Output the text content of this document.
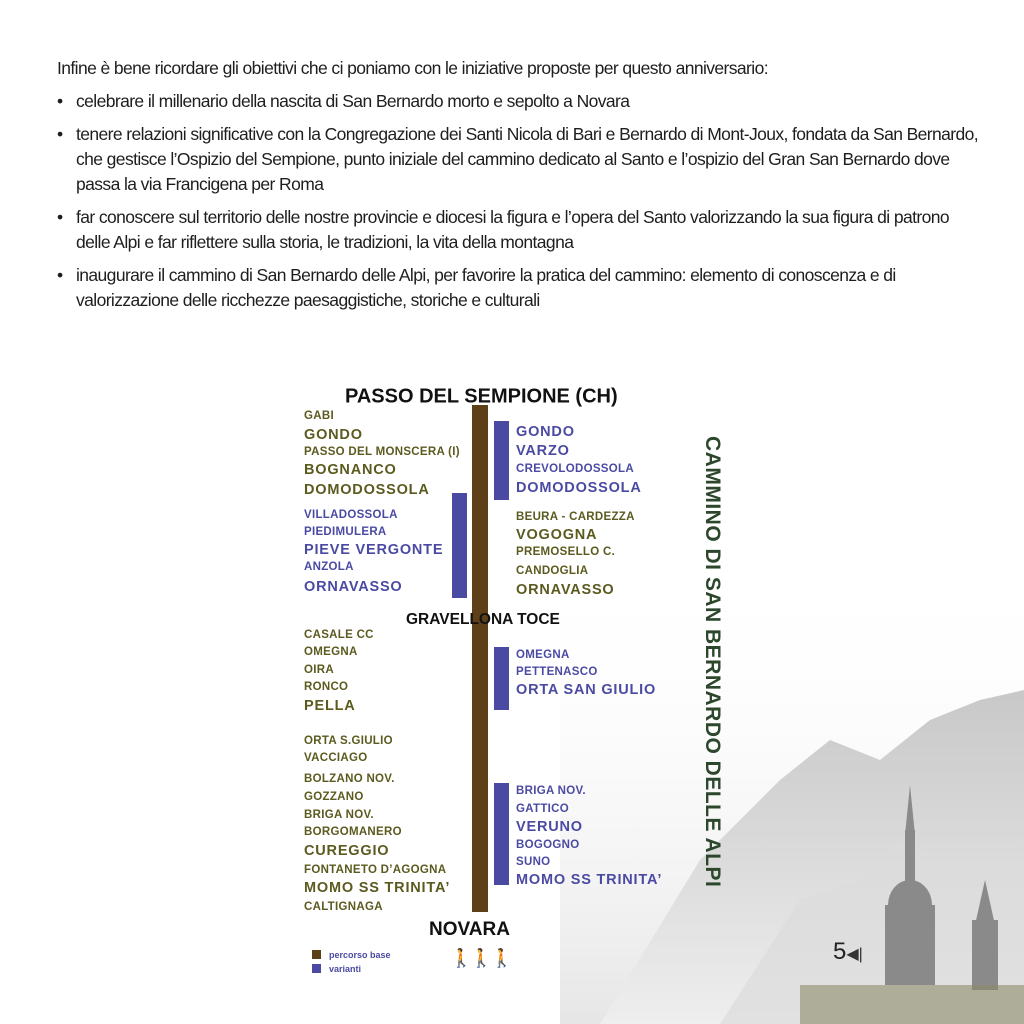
Infine è bene ricordare gli obiettivi che ci poniamo con le iniziative proposte per questo anniversario:

• celebrare il millenario della nascita di San Bernardo morto e sepolto a Novara
• tenere relazioni significative con la Congregazione dei Santi Nicola di Bari e Bernardo di Mont-Joux, fondata da San Bernardo, che gestisce l’Ospizio del Sempione, punto iniziale del cammino dedicato al Santo e l’ospizio del Gran San Bernardo dove passa la via Francigena per Roma
• far conoscere sul territorio delle nostre provincie e diocesi la figura e l’opera del Santo valorizzando la sua figura di patrono delle Alpi e far riflettere sulla storia, le tradizioni, la vita della montagna
• inaugurare il cammino di San Bernardo delle Alpi, per favorire la pratica del cammino: elemento di conoscenza e di valorizzazione delle ricchezze paesaggistiche, storiche e culturali
PASSO DEL SEMPIONE (CH)
GRAVELLONA TOCE
NOVARA
CAMMINO DI SAN BERNARDO DELLE ALPI
GABI
GONDO
PASSO DEL MONSCERA (I)
BOGNANCO
DOMODOSSOLA
VILLADOSSOLA
PIEDIMULERA
PIEVE VERGONTE
ANZOLA
ORNAVASSO
CASALE CC
OMEGNA
OIRA
RONCO
PELLA
ORTA S.GIULIO
VACCIAGO
BOLZANO NOV.
GOZZANO
BRIGA NOV.
BORGOMANERO
CUREGGIO
FONTANETO D’AGOGNA
MOMO SS TRINITA’
CALTIGNAGA
GONDO
VARZO
CREVOLODOSSOLA
DOMODOSSOLA
BEURA - CARDEZZA
VOGOGNA
PREMOSELLO C.
CANDOGLIA
ORNAVASSO
OMEGNA
PETTENASCO
ORTA SAN GIULIO
BRIGA NOV.
GATTICO
VERUNO
BOGOGNO
SUNO
MOMO SS TRINITA’
percorso base
varianti
🚶🚶🚶	5◀︎|
